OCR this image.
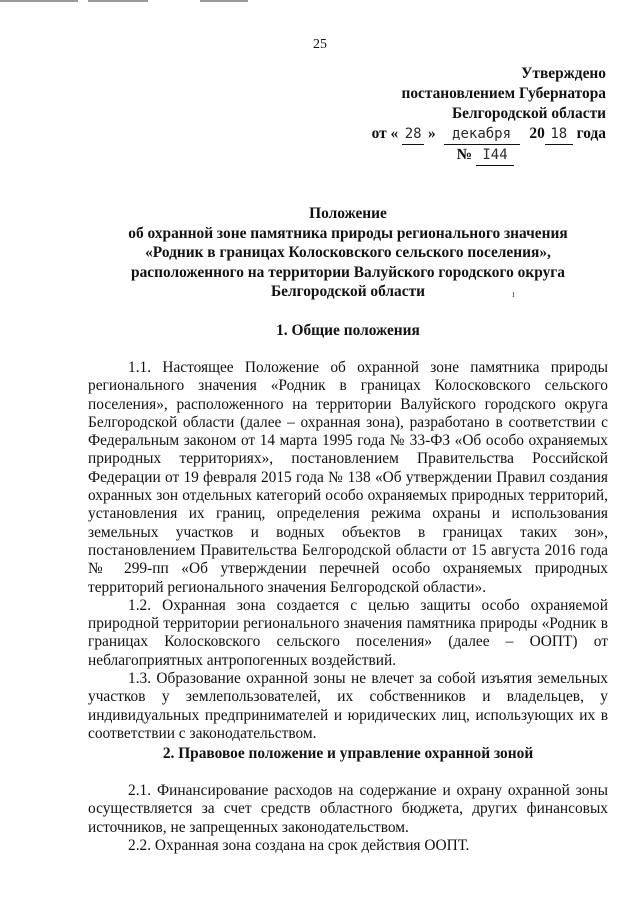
25
Утверждено
постановлением Губернатора
Белгородской области
от « 28 » декабря 20 18 года
№ I44
Положение
об охранной зоне памятника природы регионального значения
«Родник в границах Колосковского сельского поселения»,
расположенного на территории Валуйского городского округа
Белгородской области	ı
1. Общие положения

1.1. Настоящее Положение об охранной зоне памятника природы регионального значения «Родник в границах Колосковского сельского поселения», расположенного на территории Валуйского городского округа Белгородской области (далее – охранная зона), разработано в соответствии с Федеральным законом от 14 марта 1995 года № 33-ФЗ «Об особо охраняемых природных территориях», постановлением Правительства Российской Федерации от 19 февраля 2015 года № 138 «Об утверждении Правил создания охранных зон отдельных категорий особо охраняемых природных территорий, установления их границ, определения режима охраны и использования земельных участков и водных объектов в границах таких зон», постановлением Правительства Белгородской области от 15 августа 2016 года № 299-пп «Об утверждении перечней особо охраняемых природных территорий регионального значения Белгородской области».

1.2. Охранная зона создается с целью защиты особо охраняемой природной территории регионального значения памятника природы «Родник в границах Колосковского сельского поселения» (далее – ООПТ) от неблагоприятных антропогенных воздействий.

1.3. Образование охранной зоны не влечет за собой изъятия земельных участков у землепользователей, их собственников и владельцев, у индивидуальных предпринимателей и юридических лиц, использующих их в соответствии с законодательством.

2. Правовое положение и управление охранной зоной

2.1. Финансирование расходов на содержание и охрану охранной зоны осуществляется за счет средств областного бюджета, других финансовых источников, не запрещенных законодательством.

2.2. Охранная зона создана на срок действия ООПТ.
